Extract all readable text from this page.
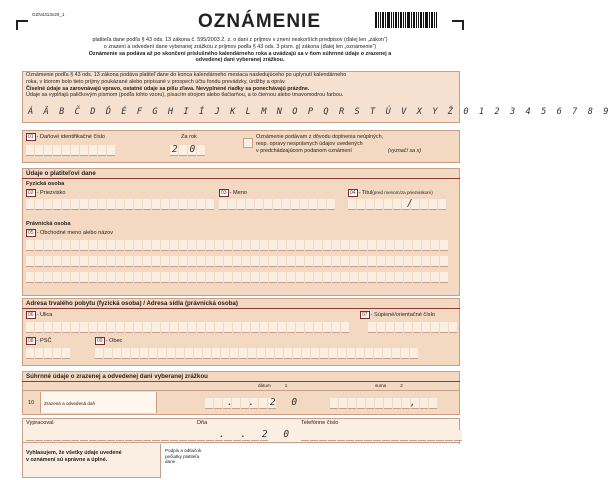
GZN4313v20_1	OZNÁMENIE
platiteľa dane podľa § 43 ods. 13 zákona č. 595/2003 Z. z. o dani z príjmov v znení neskorších predpisov (ďalej len „zákon“)
o zrazení a odvedení dane vyberanej zrážkou z príjmov podľa § 43 ods. 3 písm. g) zákona (ďalej len „oznámenie“)
Oznámenie sa podáva až po skončení príslušného kalendárneho roka a uvádzajú sa v ňom súhrnné údaje o zrazenej a
odvedenej dani vyberanej zrážkou.
Oznámenie podľa § 43 ods. 13 zákona podáva platiteľ dane do konca kalendárneho mesiaca nasledujúceho po uplynutí kalendárneho
roka, v ktorom bolo tieto príjmy poukázané alebo pripísané v prospech účtu fondu prevádzky, úrdžby a opráv.
Číselné údaje sa zarovnávajú vpravo, ostatné údaje sa píšu zľava. Nevyplnené riadky sa ponechávajú prázdne.
Údaje sa vypĺňajú paličkovým písmom (podľa tohto vzoru), písacím strojom alebo tlačiarňou, a to čiernou alebo tmavomodrou farbou.
Á Ä B Č D Ď É F G H I Í J K L M N O P Q R S T Ú V X Y Ž 0 1 2 3 4 5 6 7 8 9
01 - Daňové identifikačné číslo	Za rok
2 0
Oznámenie podávam z dôvodu doplnenia neúplných,
resp. opravy nesprávnych údajov uvedených
v predchádzajúcom podanom oznámení	(vyznačí sa x)
Údaje o platiteľovi dane
Fyzická osoba
02 - Priezvisko	03 - Meno	04 - Titul(pred menom/za priezviskom)
/
Právnická osoba
05 - Obchodné meno alebo názov
Adresa trvalého pobytu (fyzická osoba) / Adresa sídla (právnická osoba)
06 - Ulica	07 - Súpisné/orientačné číslo
08 - PSČ	09 - Obec
Súhrnné údaje o zrazenej a odvedenej dani vyberanej zrážkou
dátum	1	suma	2
10 Zrazená a odvedená daň	. . 2 0	,
Vypracoval	Dňa
. . 2 0
Telefónne číslo
Vyhlasujem, že všetky údaje uvedené
v oznámení sú správne a úplné.
Podpis a odtlačok
pečiatky platiteľa
dane
